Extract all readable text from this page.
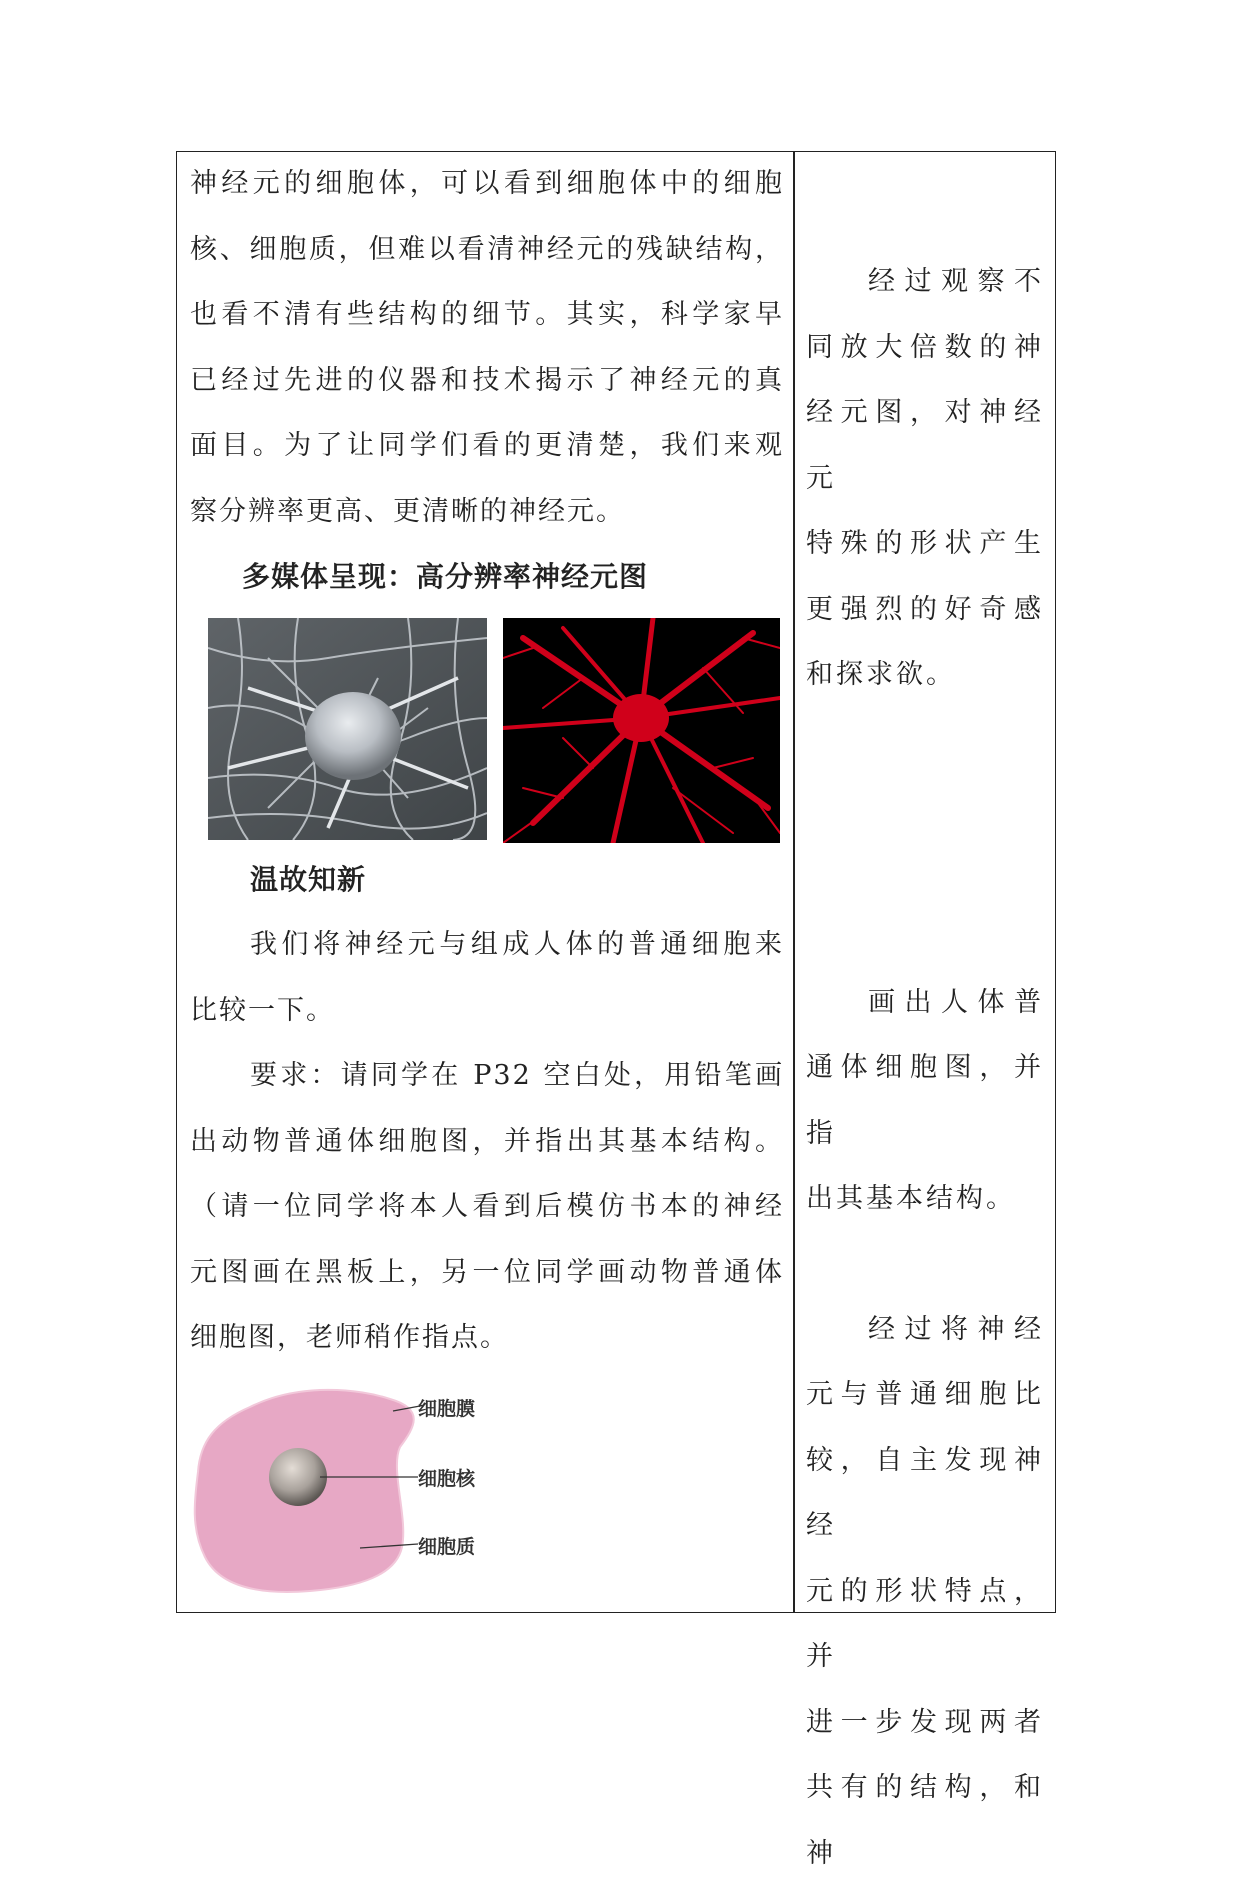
神经元的细胞体，可以看到细胞体中的细胞

核、细胞质，但难以看清神经元的残缺结构，

也看不清有些结构的细节。其实，科学家早

已经过先进的仪器和技术揭示了神经元的真

面目。为了让同学们看的更清楚，我们来观

察分辨率更高、更清晰的神经元。

多媒体呈现：高分辨率神经元图

温故知新

我们将神经元与组成人体的普通细胞来

比较一下。

要求：请同学在 P32 空白处，用铅笔画

出动物普通体细胞图，并指出其基本结构。

（请一位同学将本人看到后模仿书本的神经

元图画在黑板上，另一位同学画动物普通体

细胞图，老师稍作指点。

细胞膜
细胞核
细胞质

经过观察不

同放大倍数的神

经元图，对神经元

特殊的形状产生

更强烈的好奇感

和探求欲。

画出人体普

通体细胞图，并指

出其基本结构。

经过将神经

元与普通细胞比

较，自主发现神经

元的形状特点，并

进一步发现两者

共有的结构，和神
